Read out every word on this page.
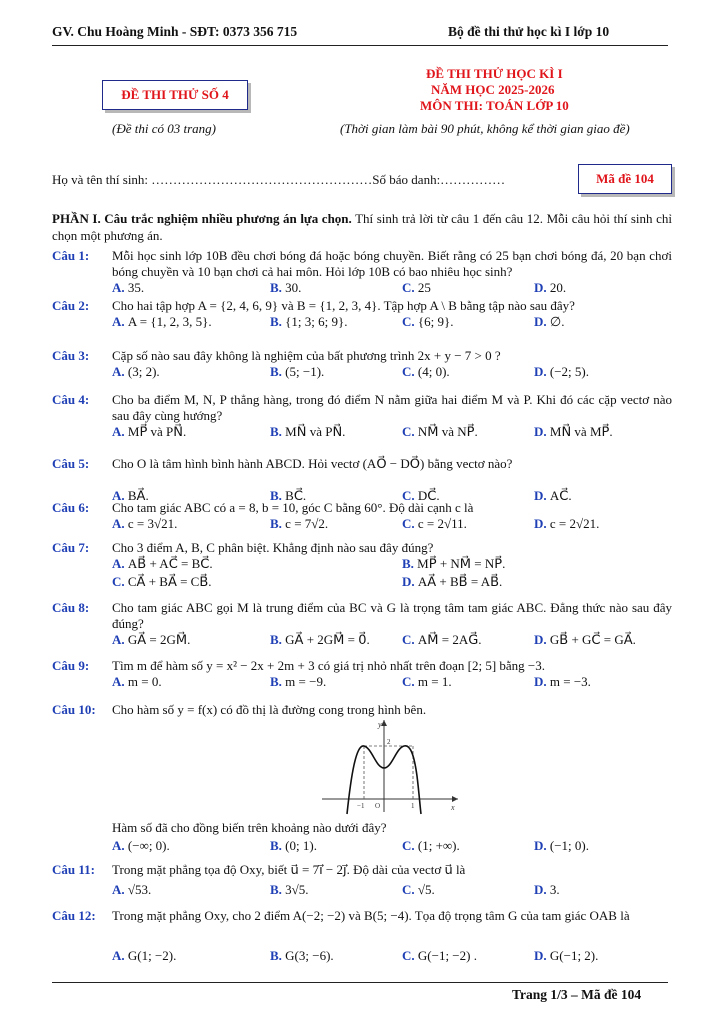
GV. Chu Hoàng Minh - SĐT: 0373 356 715	Bộ đề thi thử học kì I lớp 10
ĐỀ THI THỬ SỐ 4
(Đề thi có 03 trang)
ĐỀ THI THỬ HỌC KÌ I
NĂM HỌC 2025-2026
MÔN THI: TOÁN LỚP 10
(Thời gian làm bài 90 phút, không kể thời gian giao đề)
Họ và tên thí sinh: ……………………………………………Số báo danh:……………	Mã đề 104
PHẦN I. Câu trắc nghiệm nhiều phương án lựa chọn. Thí sinh trả lời từ câu 1 đến câu 12. Mỗi câu hỏi thí sinh chỉ chọn một phương án.
Câu 1: Mỗi học sinh lớp 10B đều chơi bóng đá hoặc bóng chuyền. Biết rằng có 25 bạn chơi bóng đá, 20 bạn chơi bóng chuyền và 10 bạn chơi cả hai môn. Hỏi lớp 10B có bao nhiêu học sinh?
A. 35.	B. 30.	C. 25	D. 20.
Câu 2: Cho hai tập hợp A = {2, 4, 6, 9} và B = {1, 2, 3, 4}. Tập hợp A \ B bằng tập nào sau đây?
A. A = {1, 2, 3, 5}.	B. {1; 3; 6; 9}.	C. {6; 9}.	D. ∅.
Câu 3: Cặp số nào sau đây không là nghiệm của bất phương trình 2x + y − 7 > 0 ?
A. (3; 2).	B. (5; −1).	C. (4; 0).	D. (−2; 5).
Câu 4: Cho ba điểm M, N, P thẳng hàng, trong đó điểm N nằm giữa hai điểm M và P. Khi đó các cặp vectơ nào sau đây cùng hướng?
A. MP⃗ và PN⃗.	B. MN⃗ và PN⃗.	C. NM⃗ và NP⃗.	D. MN⃗ và MP⃗.
Câu 5: Cho O là tâm hình bình hành ABCD. Hỏi vectơ (AO⃗ − DO⃗) bằng vectơ nào?
A. BA⃗.	B. BC⃗.	C. DC⃗.	D. AC⃗.
Câu 6: Cho tam giác ABC có a = 8, b = 10, góc C bằng 60°. Độ dài cạnh c là
A. c = 3√21.	B. c = 7√2.	C. c = 2√11.	D. c = 2√21.
Câu 7: Cho 3 điểm A, B, C phân biệt. Khẳng định nào sau đây đúng?
A. AB⃗ + AC⃗ = BC⃗.	B. MP⃗ + NM⃗ = NP⃗.
C. CA⃗ + BA⃗ = CB⃗.	D. AA⃗ + BB⃗ = AB⃗.
Câu 8: Cho tam giác ABC gọi M là trung điểm của BC và G là trọng tâm tam giác ABC. Đẳng thức nào sau đây đúng?
A. GA⃗ = 2GM⃗.	B. GA⃗ + 2GM⃗ = 0⃗. C. AM⃗ = 2AG⃗.	D. GB⃗ + GC⃗ = GA⃗.
Câu 9: Tìm m để hàm số y = x² − 2x + 2m + 3 có giá trị nhỏ nhất trên đoạn [2; 5] bằng −3.
A. m = 0.	B. m = −9.	C. m = 1.	D. m = −3.
Câu 10: Cho hàm số y = f(x) có đồ thị là đường cong trong hình bên.
Hàm số đã cho đồng biến trên khoảng nào dưới đây?
A. (−∞; 0).	B. (0; 1).	C. (1; +∞).	D. (−1; 0).
Câu 11: Trong mặt phẳng tọa độ Oxy, biết u⃗ = 7i⃗ − 2j⃗. Độ dài của vectơ u⃗ là
A. √53.	B. 3√5.	C. √5.	D. 3.
Câu 12: Trong mặt phẳng Oxy, cho 2 điểm A(−2; −2) và B(5; −4). Tọa độ trọng tâm G của tam giác OAB là
A. G(1; −2).	B. G(3; −6).	C. G(−1; −2) .	D. G(−1; 2).
y
x
O
−1	1
2
Trang 1/3 – Mã đề 104
